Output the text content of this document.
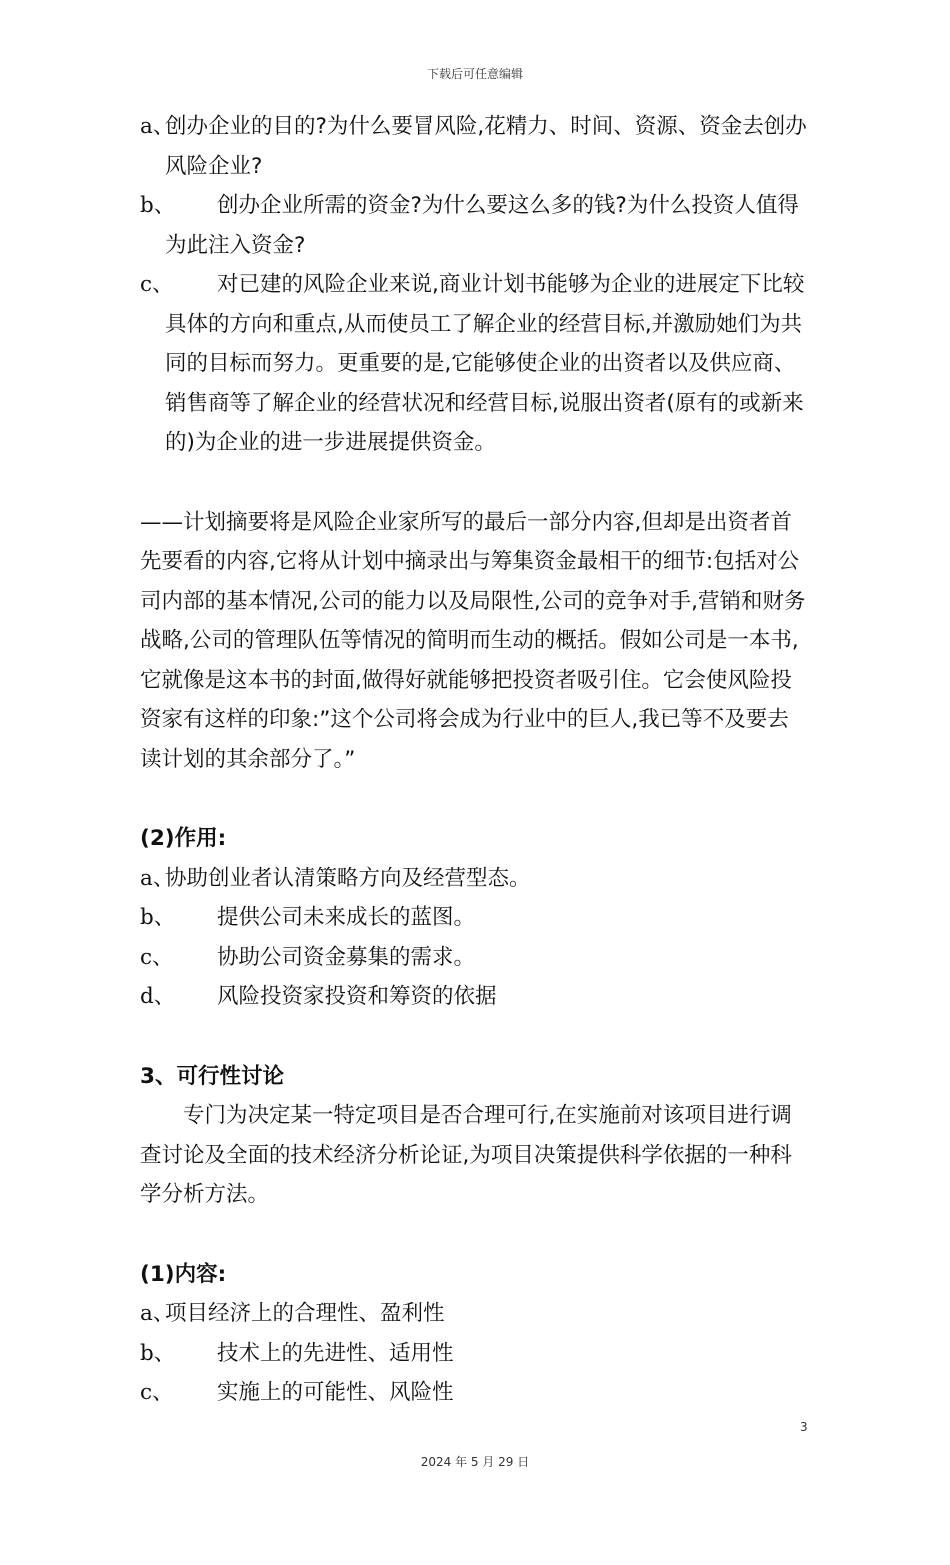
下载后可任意编辑
a、
创办企业的目的?为什么要冒风险,花精力、时间、资源、资金去创办风险企业?
b、	创办企业所需的资金?为什么要这么多的钱?为什么投资人值得为此注入资金?
c、	对已建的风险企业来说,商业计划书能够为企业的进展定下比较具体的方向和重点,从而使员工了解企业的经营目标,并激励她们为共同的目标而努力。更重要的是,它能够使企业的出资者以及供应商、销售商等了解企业的经营状况和经营目标,说服出资者(原有的或新来的)为企业的进一步进展提供资金。

——计划摘要将是风险企业家所写的最后一部分内容,但却是出资者首先要看的内容,它将从计划中摘录出与筹集资金最相干的细节:包括对公司内部的基本情况,公司的能力以及局限性,公司的竞争对手,营销和财务战略,公司的管理队伍等情况的简明而生动的概括。假如公司是一本书,它就像是这本书的封面,做得好就能够把投资者吸引住。它会使风险投资家有这样的印象:”这个公司将会成为行业中的巨人,我已等不及要去读计划的其余部分了。”

(2)作用:
a、
协助创业者认清策略方向及经营型态。
b、	提供公司未来成长的蓝图。
c、	协助公司资金募集的需求。
d、	风险投资家投资和筹资的依据
3、可行性讨论

专门为决定某一特定项目是否合理可行,在实施前对该项目进行调查讨论及全面的技术经济分析论证,为项目决策提供科学依据的一种科学分析方法。

(1)内容:
a、
项目经济上的合理性、盈利性
b、	技术上的先进性、适用性
c、	实施上的可能性、风险性
3
2024 年 5 月 29 日
